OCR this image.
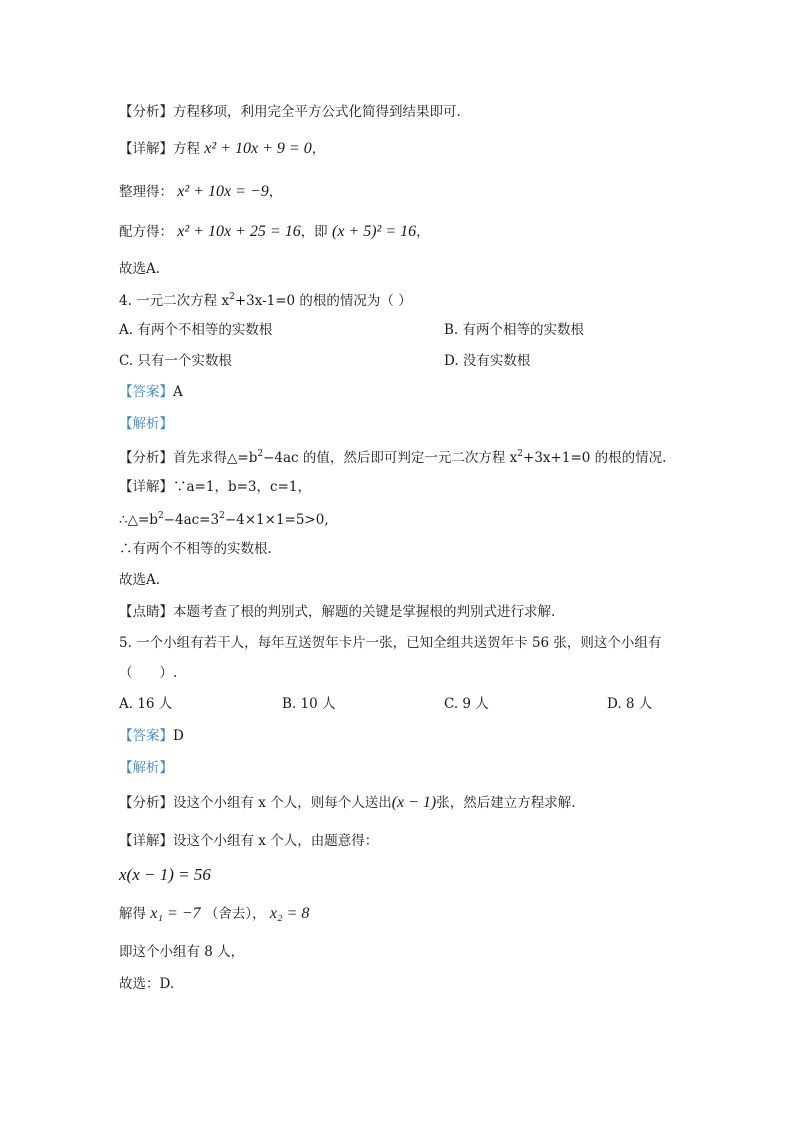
【分析】方程移项，利用完全平方公式化简得到结果即可.
【详解】方程 x² + 10x + 9 = 0，
整理得： x² + 10x = −9，
配方得： x² + 10x + 25 = 16，即 (x + 5)² = 16，
故选A.
4. 一元二次方程 $x^2+3x-1=0$ 的根的情况为（ ）
A. 有两个不相等的实数根	B. 有两个相等的实数根
C. 只有一个实数根	D. 没有实数根
【答案】A
【解析】
【分析】首先求得$\triangle=b^2-4ac$ 的值，然后即可判定一元二次方程 $x^2+3x+1=0$ 的根的情况.
【详解】∵a=1，b=3，c=1，
$\therefore\triangle=b^2-4ac=3^2-4\times 1\times 1=5>0$,
∴有两个不相等的实数根.
故选A.
【点睛】本题考查了根的判别式，解题的关键是掌握根的判别式进行求解.
5. 一个小组有若干人，每年互送贺年卡片一张，已知全组共送贺年卡 56 张，则这个小组有
（　　）.
A. 16 人	B. 10 人	C. 9 人	D. 8 人
【答案】D
【解析】
【分析】设这个小组有 x 个人，则每个人送出(x − 1)张，然后建立方程求解.
【详解】设这个小组有 x 个人，由题意得：
x(x − 1) = 56
解得 x₁ = −7 （舍去）， x₂ = 8
即这个小组有 8 人，
故选：D.
